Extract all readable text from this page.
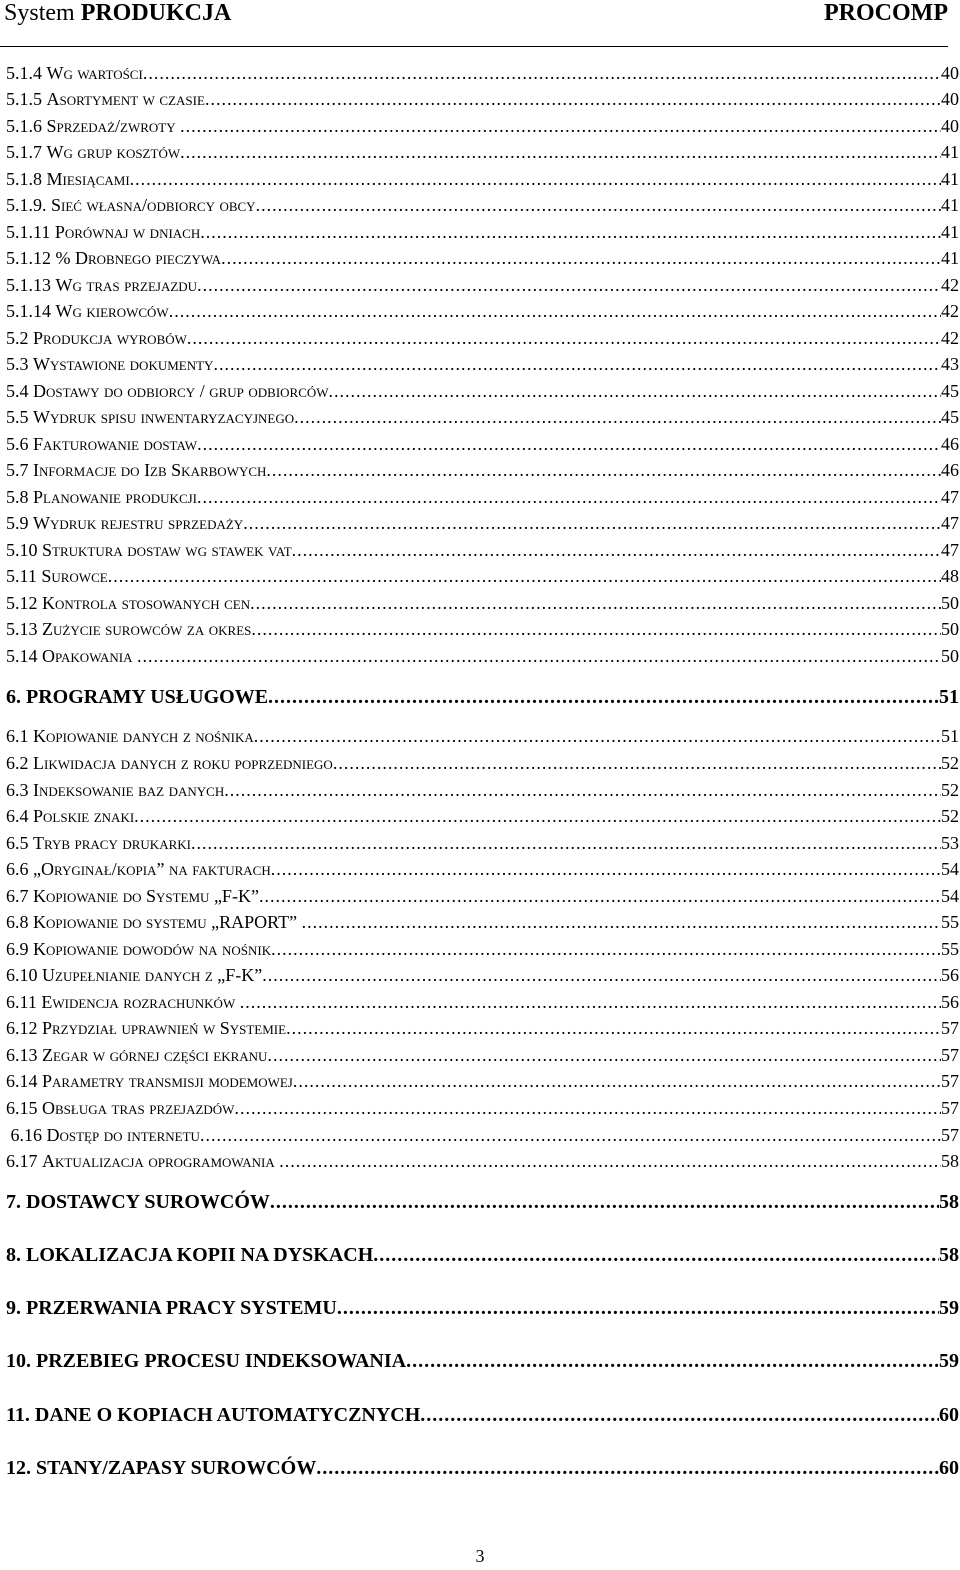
System PRODUKCJA	PROCOMP
5.1.4 Wg wartości .....	40
5.1.5 Asortyment w czasie .....	40
5.1.6 Sprzedaż/zwroty .....	40
5.1.7 Wg grup kosztów .....	41
5.1.8 Miesiącami .....	41
5.1.9. Sieć własna/odbiorcy obcy .....	41
5.1.11 Porównaj w dniach .....	41
5.1.12 % Drobnego pieczywa .....	41
5.1.13 Wg tras przejazdu .....	42
5.1.14 Wg kierowców .....	42
5.2 Produkcja wyrobów .....	42
5.3 Wystawione dokumenty .....	43
5.4 Dostawy do odbiorcy / grup odbiorców .....	45
5.5 Wydruk spisu inwentaryzacyjnego .....	45
5.6 Fakturowanie dostaw .....	46
5.7 Informacje do Izb Skarbowych .....	46
5.8 Planowanie produkcji .....	47
5.9 Wydruk rejestru sprzedaży .....	47
5.10 Struktura dostaw wg stawek vat .....	47
5.11 Surowce .....	48
5.12 Kontrola stosowanych cen .....	50
5.13 Zużycie surowców za okres .....	50
5.14 Opakowania .....	50
6. PROGRAMY USŁUGOWE .....	51
6.1 Kopiowanie danych z nośnika .....	51
6.2 Likwidacja danych z roku poprzedniego .....	52
6.3 Indeksowanie baz danych .....	52
6.4 Polskie znaki .....	52
6.5 Tryb pracy drukarki .....	53
6.6 „Oryginał/kopia” na fakturach .....	54
6.7 Kopiowanie do Systemu „F-K” .....	54
6.8 Kopiowanie do systemu „RAPORT” .....	55
6.9 Kopiowanie dowodów na nośnik .....	55
6.10 Uzupełnianie danych z „F-K” .....	56
6.11 Ewidencja rozrachunków .....	56
6.12 Przydział uprawnień w Systemie .....	57
6.13 Zegar w górnej części ekranu .....	57
6.14 Parametry transmisji modemowej .....	57
6.15 Obsługa tras przejazdów .....	57
6.16 Dostęp do internetu .....	57
6.17 Aktualizacja oprogramowania .....	58
7. DOSTAWCY SUROWCÓW .....	58
8. LOKALIZACJA KOPII NA DYSKACH .....	58
9. PRZERWANIA PRACY SYSTEMU .....	59
10. PRZEBIEG PROCESU INDEKSOWANIA .....	59
11. DANE O KOPIACH AUTOMATYCZNYCH .....	60
12. STANY/ZAPASY SUROWCÓW .....	60
3
